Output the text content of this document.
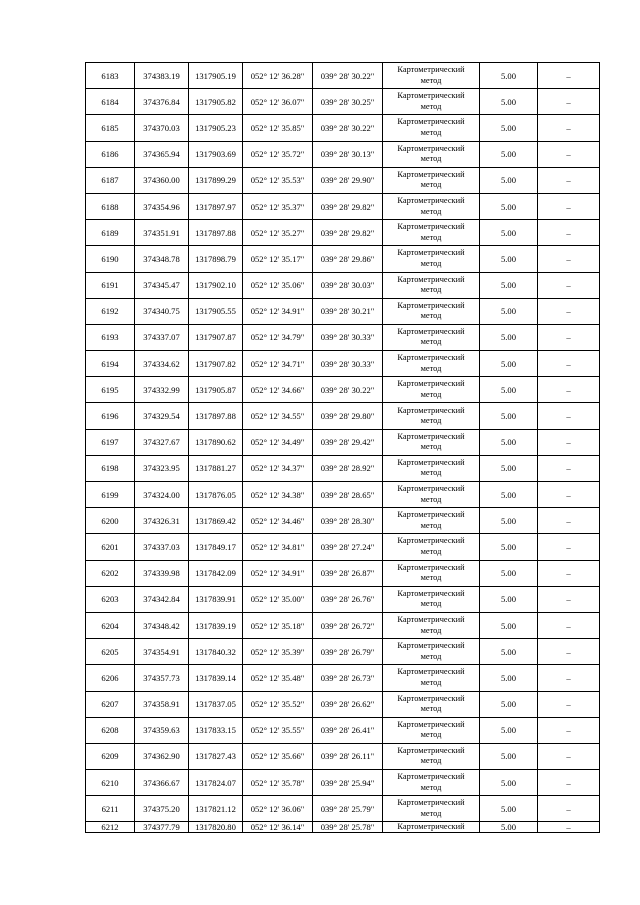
6183	374383.19	1317905.19	052° 12' 36.28"	039° 28' 30.22"	Картометрический
метод	5.00	–
6184	374376.84	1317905.82	052° 12' 36.07"	039° 28' 30.25"	Картометрический
метод	5.00	–
6185	374370.03	1317905.23	052° 12' 35.85"	039° 28' 30.22"	Картометрический
метод	5.00	–
6186	374365.94	1317903.69	052° 12' 35.72"	039° 28' 30.13"	Картометрический
метод	5.00	–
6187	374360.00	1317899.29	052° 12' 35.53"	039° 28' 29.90"	Картометрический
метод	5.00	–
6188	374354.96	1317897.97	052° 12' 35.37"	039° 28' 29.82"	Картометрический
метод	5.00	–
6189	374351.91	1317897.88	052° 12' 35.27"	039° 28' 29.82"	Картометрический
метод	5.00	–
6190	374348.78	1317898.79	052° 12' 35.17"	039° 28' 29.86"	Картометрический
метод	5.00	–
6191	374345.47	1317902.10	052° 12' 35.06"	039° 28' 30.03"	Картометрический
метод	5.00	–
6192	374340.75	1317905.55	052° 12' 34.91"	039° 28' 30.21"	Картометрический
метод	5.00	–
6193	374337.07	1317907.87	052° 12' 34.79"	039° 28' 30.33"	Картометрический
метод	5.00	–
6194	374334.62	1317907.82	052° 12' 34.71"	039° 28' 30.33"	Картометрический
метод	5.00	–
6195	374332.99	1317905.87	052° 12' 34.66"	039° 28' 30.22"	Картометрический
метод	5.00	–
6196	374329.54	1317897.88	052° 12' 34.55"	039° 28' 29.80"	Картометрический
метод	5.00	–
6197	374327.67	1317890.62	052° 12' 34.49"	039° 28' 29.42"	Картометрический
метод	5.00	–
6198	374323.95	1317881.27	052° 12' 34.37"	039° 28' 28.92"	Картометрический
метод	5.00	–
6199	374324.00	1317876.05	052° 12' 34.38"	039° 28' 28.65"	Картометрический
метод	5.00	–
6200	374326.31	1317869.42	052° 12' 34.46"	039° 28' 28.30"	Картометрический
метод	5.00	–
6201	374337.03	1317849.17	052° 12' 34.81"	039° 28' 27.24"	Картометрический
метод	5.00	–
6202	374339.98	1317842.09	052° 12' 34.91"	039° 28' 26.87"	Картометрический
метод	5.00	–
6203	374342.84	1317839.91	052° 12' 35.00"	039° 28' 26.76"	Картометрический
метод	5.00	–
6204	374348.42	1317839.19	052° 12' 35.18"	039° 28' 26.72"	Картометрический
метод	5.00	–
6205	374354.91	1317840.32	052° 12' 35.39"	039° 28' 26.79"	Картометрический
метод	5.00	–
6206	374357.73	1317839.14	052° 12' 35.48"	039° 28' 26.73"	Картометрический
метод	5.00	–
6207	374358.91	1317837.05	052° 12' 35.52"	039° 28' 26.62"	Картометрический
метод	5.00	–
6208	374359.63	1317833.15	052° 12' 35.55"	039° 28' 26.41"	Картометрический
метод	5.00	–
6209	374362.90	1317827.43	052° 12' 35.66"	039° 28' 26.11"	Картометрический
метод	5.00	–
6210	374366.67	1317824.07	052° 12' 35.78"	039° 28' 25.94"	Картометрический
метод	5.00	–
6211	374375.20	1317821.12	052° 12' 36.06"	039° 28' 25.79"	Картометрический
метод	5.00	–
6212	374377.79	1317820.80	052° 12' 36.14"	039° 28' 25.78"	Картометрический	5.00	–
